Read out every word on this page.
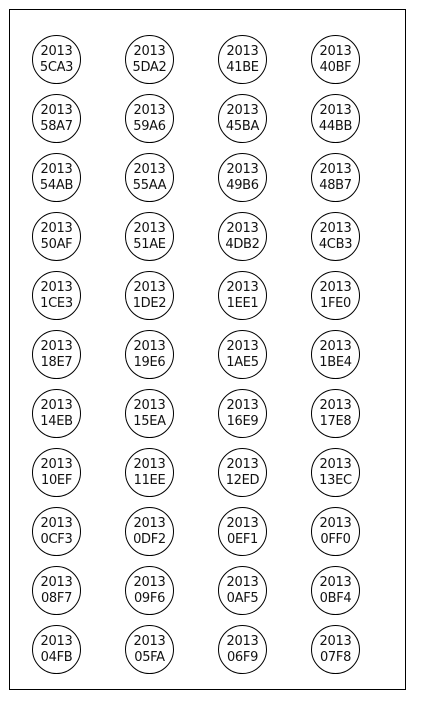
2013
5CA3
2013
5DA2
2013
41BE
2013
40BF
2013
58A7
2013
59A6
2013
45BA
2013
44BB
2013
54AB
2013
55AA
2013
49B6
2013
48B7
2013
50AF
2013
51AE
2013
4DB2
2013
4CB3
2013
1CE3
2013
1DE2
2013
1EE1
2013
1FE0
2013
18E7
2013
19E6
2013
1AE5
2013
1BE4
2013
14EB
2013
15EA
2013
16E9
2013
17E8
2013
10EF
2013
11EE
2013
12ED
2013
13EC
2013
0CF3
2013
0DF2
2013
0EF1
2013
0FF0
2013
08F7
2013
09F6
2013
0AF5
2013
0BF4
2013
04FB
2013
05FA
2013
06F9
2013
07F8
